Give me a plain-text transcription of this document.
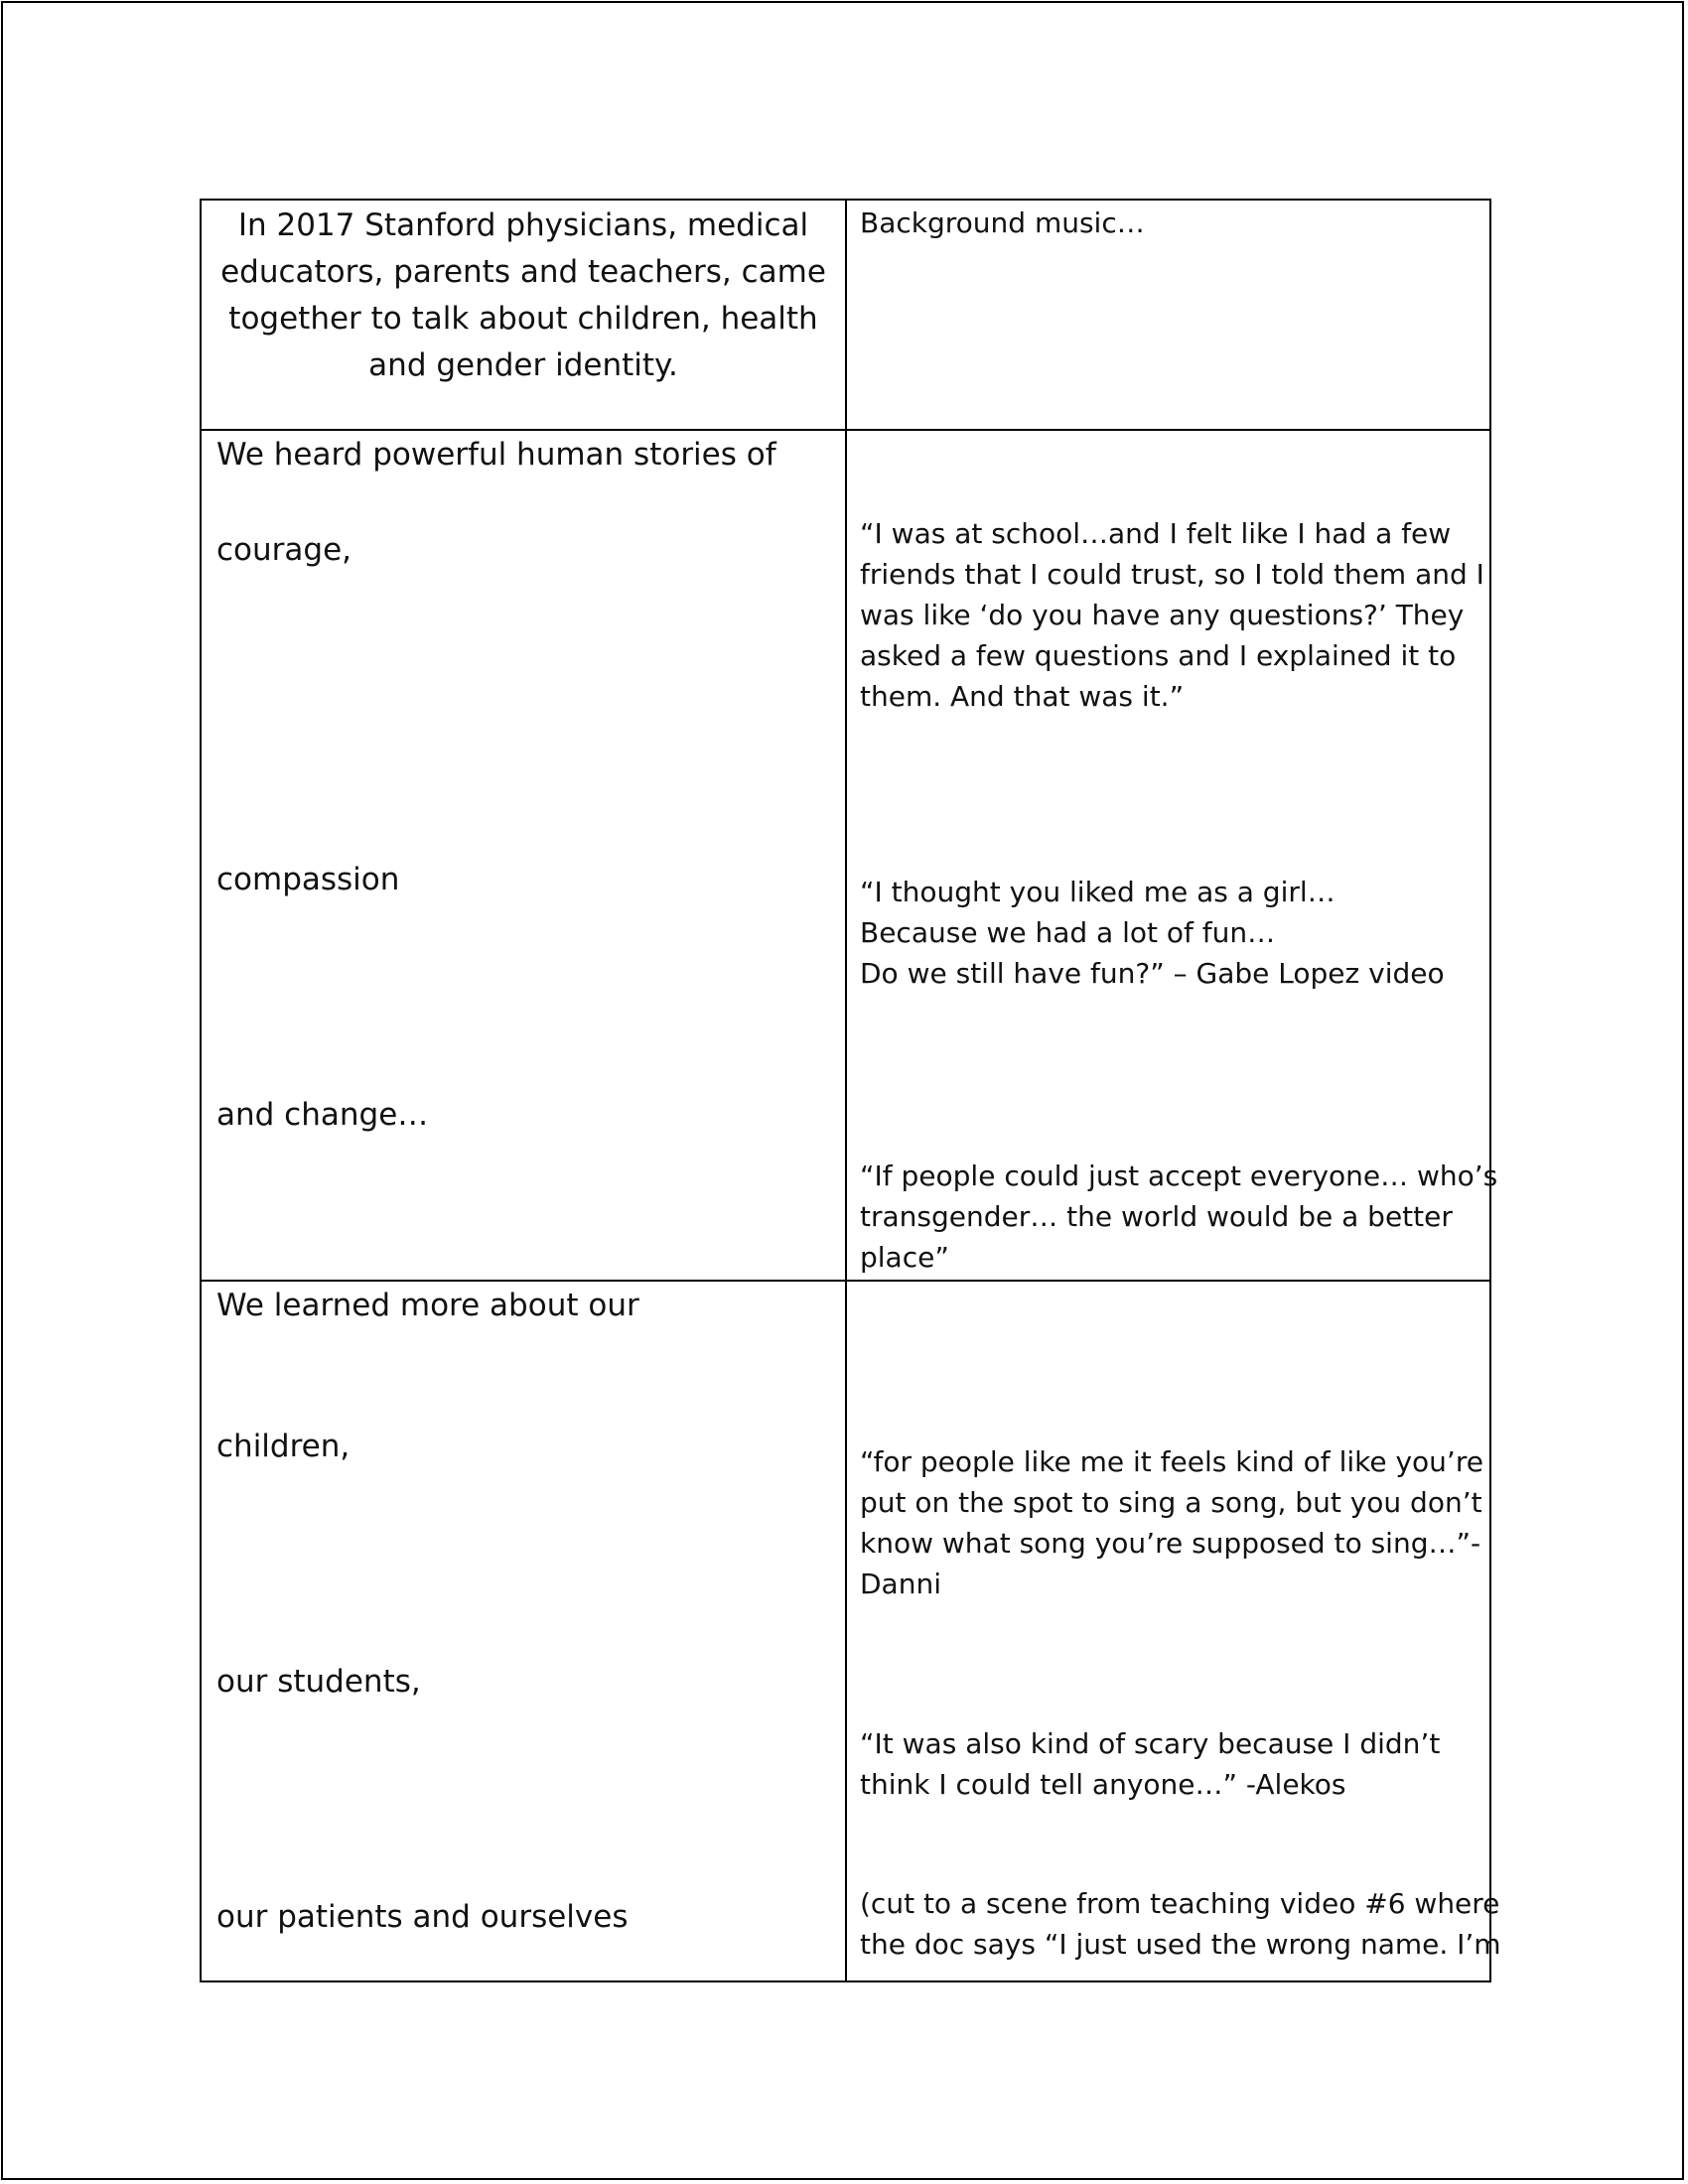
In 2017 Stanford physicians, medical
educators, parents and teachers, came
together to talk about children, health
and gender identity.

Background music…

We heard powerful human stories of

courage,

compassion

and change…

“I was at school…and I felt like I had a few
friends that I could trust, so I told them and I
was like ‘do you have any questions?’ They
asked a few questions and I explained it to
them. And that was it.”
“I thought you liked me as a girl…
Because we had a lot of fun…
Do we still have fun?” – Gabe Lopez video
“If people could just accept everyone… who’s
transgender… the world would be a better
place”

We learned more about our

children,

our students,

our patients and ourselves

“for people like me it feels kind of like you’re
put on the spot to sing a song, but you don’t
know what song you’re supposed to sing…”-
Danni
“It was also kind of scary because I didn’t
think I could tell anyone…” -Alekos
(cut to a scene from teaching video #6 where
the doc says “I just used the wrong name. I’m
